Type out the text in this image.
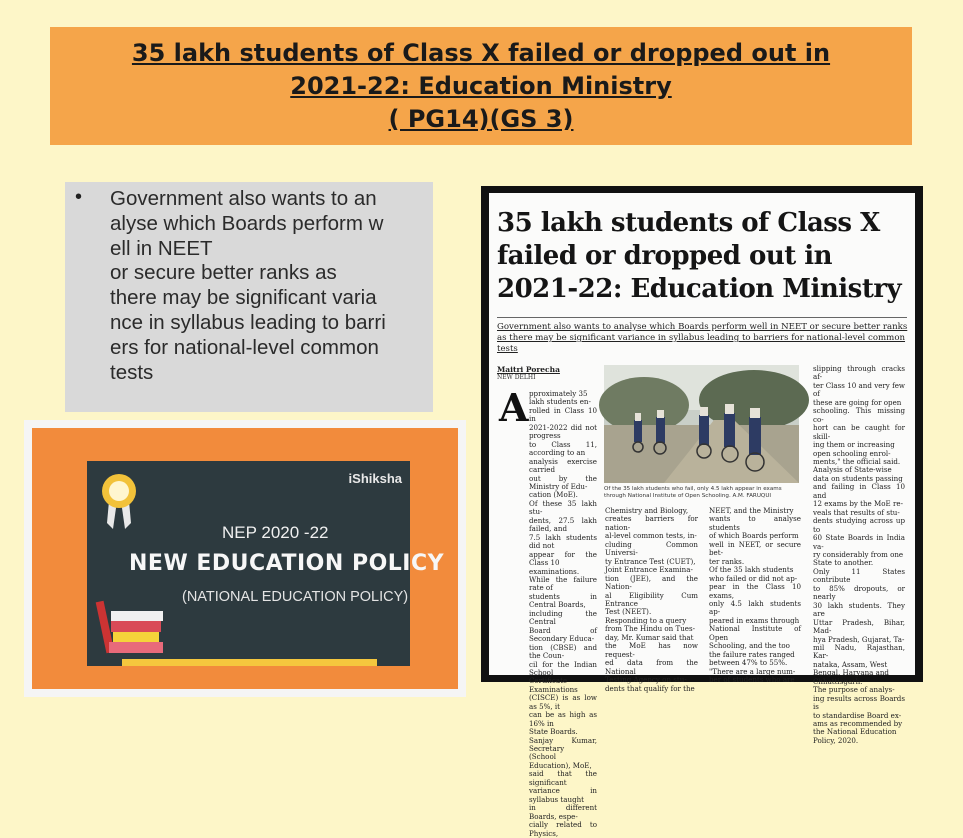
35 lakh students of Class X failed or dropped out in
2021-22: Education Ministry
( PG14)(GS 3)
• Government also wants to an
alyse which Boards perform w
ell in NEET
or secure better ranks as
there may be significant varia
nce in syllabus leading to barri
ers for national-level common
tests
iShiksha
NEP 2020 -22
NEW EDUCATION POLICY
(NATIONAL EDUCATION POLICY)
35 lakh students of Class X
failed or dropped out in
2021-22: Education Ministry
Government also wants to analyse which Boards perform well in NEET or secure better ranks as there may be significant variance in syllabus leading to barriers for national-level common tests
Maitri Porecha
NEW DELHI
A pproximately 35
lakh students en-
rolled in Class 10 in
2021-2022 did not progress
to Class 11, according to an
analysis exercise carried
out by the Ministry of Edu-
cation (MoE).
Of these 35 lakh stu-
dents, 27.5 lakh failed, and
7.5 lakh students did not
appear for the Class 10
examinations.
While the failure rate of
students in Central Boards,
including the Central
Board of Secondary Educa-
tion (CBSE) and the Coun-
cil for the Indian School
Certificate Examinations
(CISCE) is as low as 5%, it
can be as high as 16% in
State Boards.
Sanjay Kumar, Secretary
(School Education), MoE,
said that the significant
variance in syllabus taught
in different Boards, espe-
cially related to Physics,
Of the 35 lakh students who fail, only 4.5 lakh appear in exams through National Institute of Open Schooling. A.M. FARUQUI
Chemistry and Biology,
creates barriers for nation-
al-level common tests, in-
cluding Common Universi-
ty Entrance Test (CUET),
Joint Entrance Examina-
tion (JEE), and the Nation-
al Eligibility Cum Entrance
Test (NEET).
Responding to a query
from The Hindu on Tues-
day, Mr. Kumar said that
the MoE has now request-
ed data from the National
Testing Agency on stu-
dents that qualify for the
NEET, and the Ministry
wants to analyse students
of which Boards perform
well in NEET, or secure bet-
ter ranks.
Of the 35 lakh students
who failed or did not ap-
pear in the Class 10 exams,
only 4.5 lakh students ap-
peared in exams through
National Institute of Open
Schooling, and the too
the failure rates ranged
between 47% to 55%.
"There are a large num-
ber of students who are
slipping through cracks af-
ter Class 10 and very few of
these are going for open
schooling. This missing co-
hort can be caught for skill-
ing them or increasing
open schooling enrol-
ments," the official said.
Analysis of State-wise
data on students passing
and failing in Class 10 and
12 exams by the MoE re-
veals that results of stu-
dents studying across up to
60 State Boards in India va-
ry considerably from one
State to another.
Only 11 States contribute
to 85% dropouts, or nearly
30 lakh students. They are
Uttar Pradesh, Bihar, Mad-
hya Pradesh, Gujarat, Ta-
mil Nadu, Rajasthan, Kar-
nataka, Assam, West
Bengal, Haryana and
Chhattisgarh.
The purpose of analys-
ing results across Boards is
to standardise Board ex-
ams as recommended by
the National Education
Policy, 2020.
